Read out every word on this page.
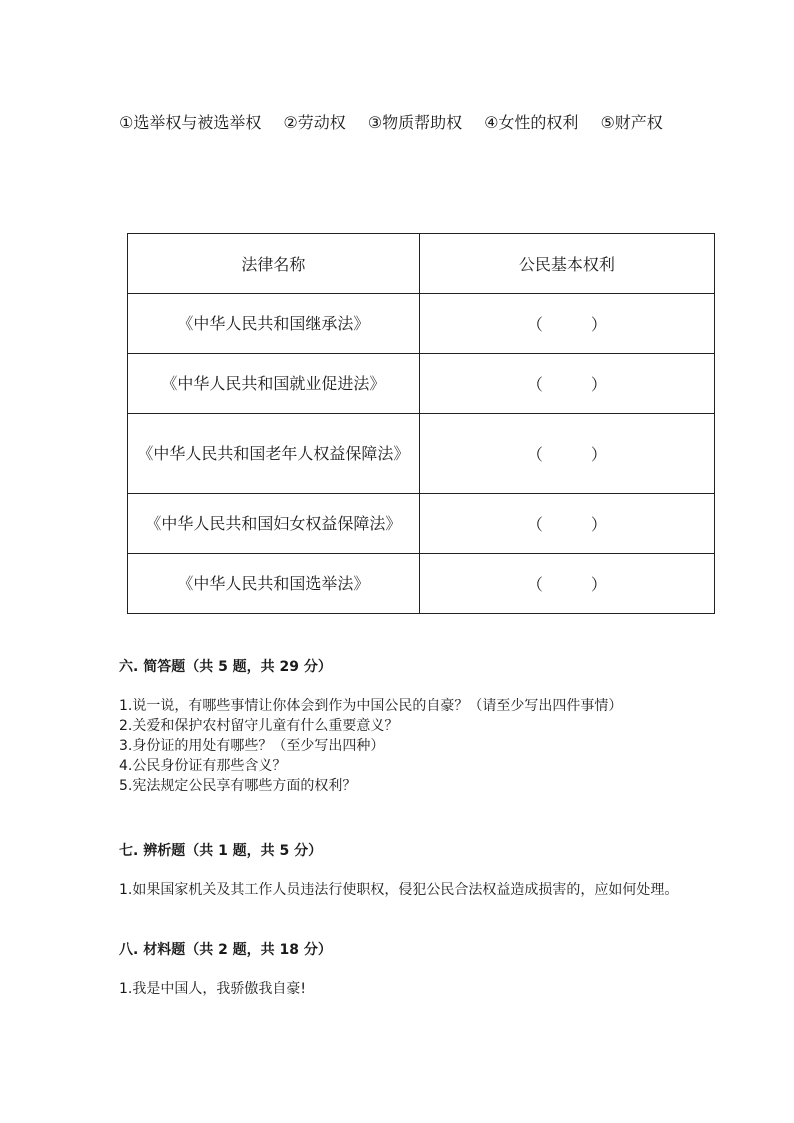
①选举权与被选举权 ②劳动权 ③物质帮助权 ④女性的权利 ⑤财产权

法律名称	公民基本权利
《中华人民共和国继承法》	（　　　）
《中华人民共和国就业促进法》	（　　　）
《中华人民共和国老年人权益保障法》	（　　　）
《中华人民共和国妇女权益保障法》	（　　　）
《中华人民共和国选举法》	（　　　）

六. 简答题（共 5 题，共 29 分）

1.说一说，有哪些事情让你体会到作为中国公民的自豪？（请至少写出四件事情）

2.关爱和保护农村留守儿童有什么重要意义？

3.身份证的用处有哪些？（至少写出四种）

4.公民身份证有那些含义？

5.宪法规定公民享有哪些方面的权利？

七. 辨析题（共 1 题，共 5 分）

1.如果国家机关及其工作人员违法行使职权，侵犯公民合法权益造成损害的，应如何处理。

八. 材料题（共 2 题，共 18 分）

1.我是中国人，我骄傲我自豪!
